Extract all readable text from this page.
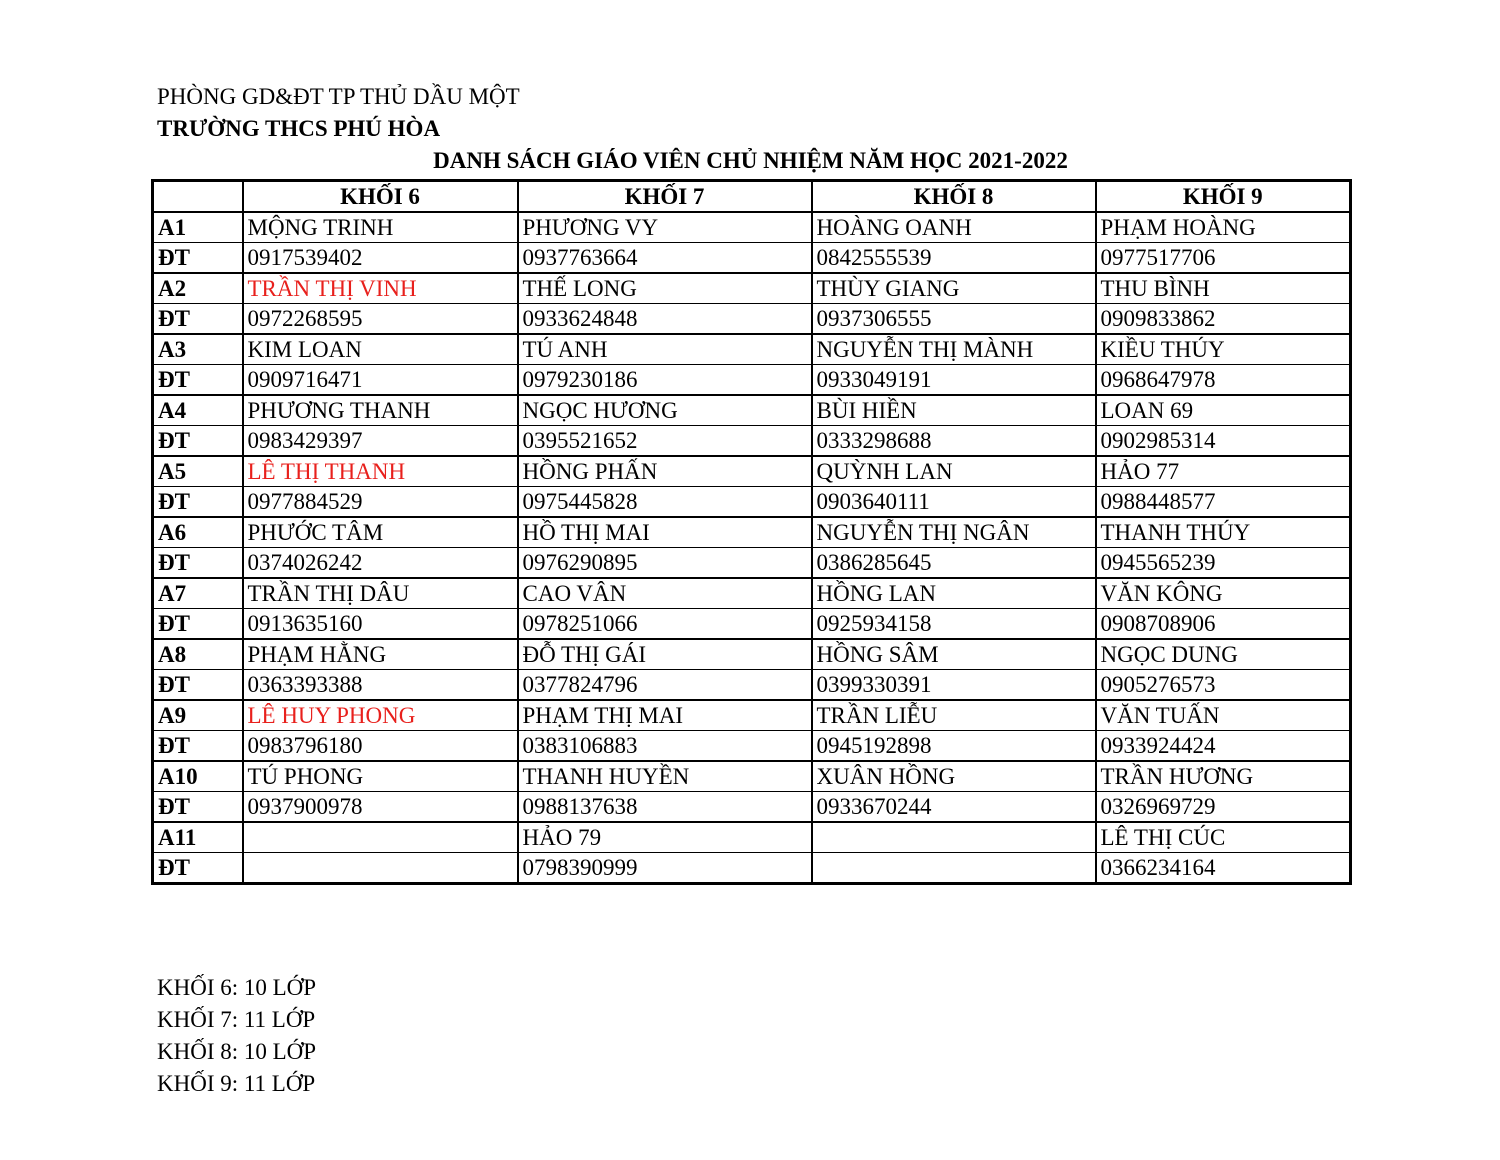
PHÒNG GD&ĐT TP THỦ DẦU MỘT
TRƯỜNG THCS PHÚ HÒA
DANH SÁCH GIÁO VIÊN CHỦ NHIỆM NĂM HỌC 2021-2022
	KHỐI 6	KHỐI 7	KHỐI 8	KHỐI 9
A1	MỘNG TRINH	PHƯƠNG VY	HOÀNG OANH	PHẠM HOÀNG
ĐT	0917539402	0937763664	0842555539	0977517706
A2	TRẦN THỊ VINH	THẾ LONG	THÙY GIANG	THU BÌNH
ĐT	0972268595	0933624848	0937306555	0909833862
A3	KIM LOAN	TÚ ANH	NGUYỄN THỊ MÀNH	KIỀU THÚY
ĐT	0909716471	0979230186	0933049191	0968647978
A4	PHƯƠNG THANH	NGỌC HƯƠNG	BÙI HIỀN	LOAN 69
ĐT	0983429397	0395521652	0333298688	0902985314
A5	LÊ THỊ THANH	HỒNG PHẤN	QUỲNH LAN	HẢO 77
ĐT	0977884529	0975445828	0903640111	0988448577
A6	PHƯỚC TÂM	HỒ THỊ MAI	NGUYỄN THỊ NGÂN	THANH THÚY
ĐT	0374026242	0976290895	0386285645	0945565239
A7	TRẦN THỊ DÂU	CAO VÂN	HỒNG LAN	VĂN KÔNG
ĐT	0913635160	0978251066	0925934158	0908708906
A8	PHẠM HẰNG	ĐỖ THỊ GÁI	HỒNG SÂM	NGỌC DUNG
ĐT	0363393388	0377824796	0399330391	0905276573
A9	LÊ HUY PHONG	PHẠM THỊ MAI	TRẦN LIỄU	VĂN TUẤN
ĐT	0983796180	0383106883	0945192898	0933924424
A10	TÚ PHONG	THANH HUYỀN	XUÂN HỒNG	TRẦN HƯƠNG
ĐT	0937900978	0988137638	0933670244	0326969729
A11		HẢO 79		LÊ THỊ CÚC
ĐT		0798390999		0366234164
KHỐI 6: 10 LỚP
KHỐI 7: 11 LỚP
KHỐI 8: 10 LỚP
KHỐI 9: 11 LỚP
